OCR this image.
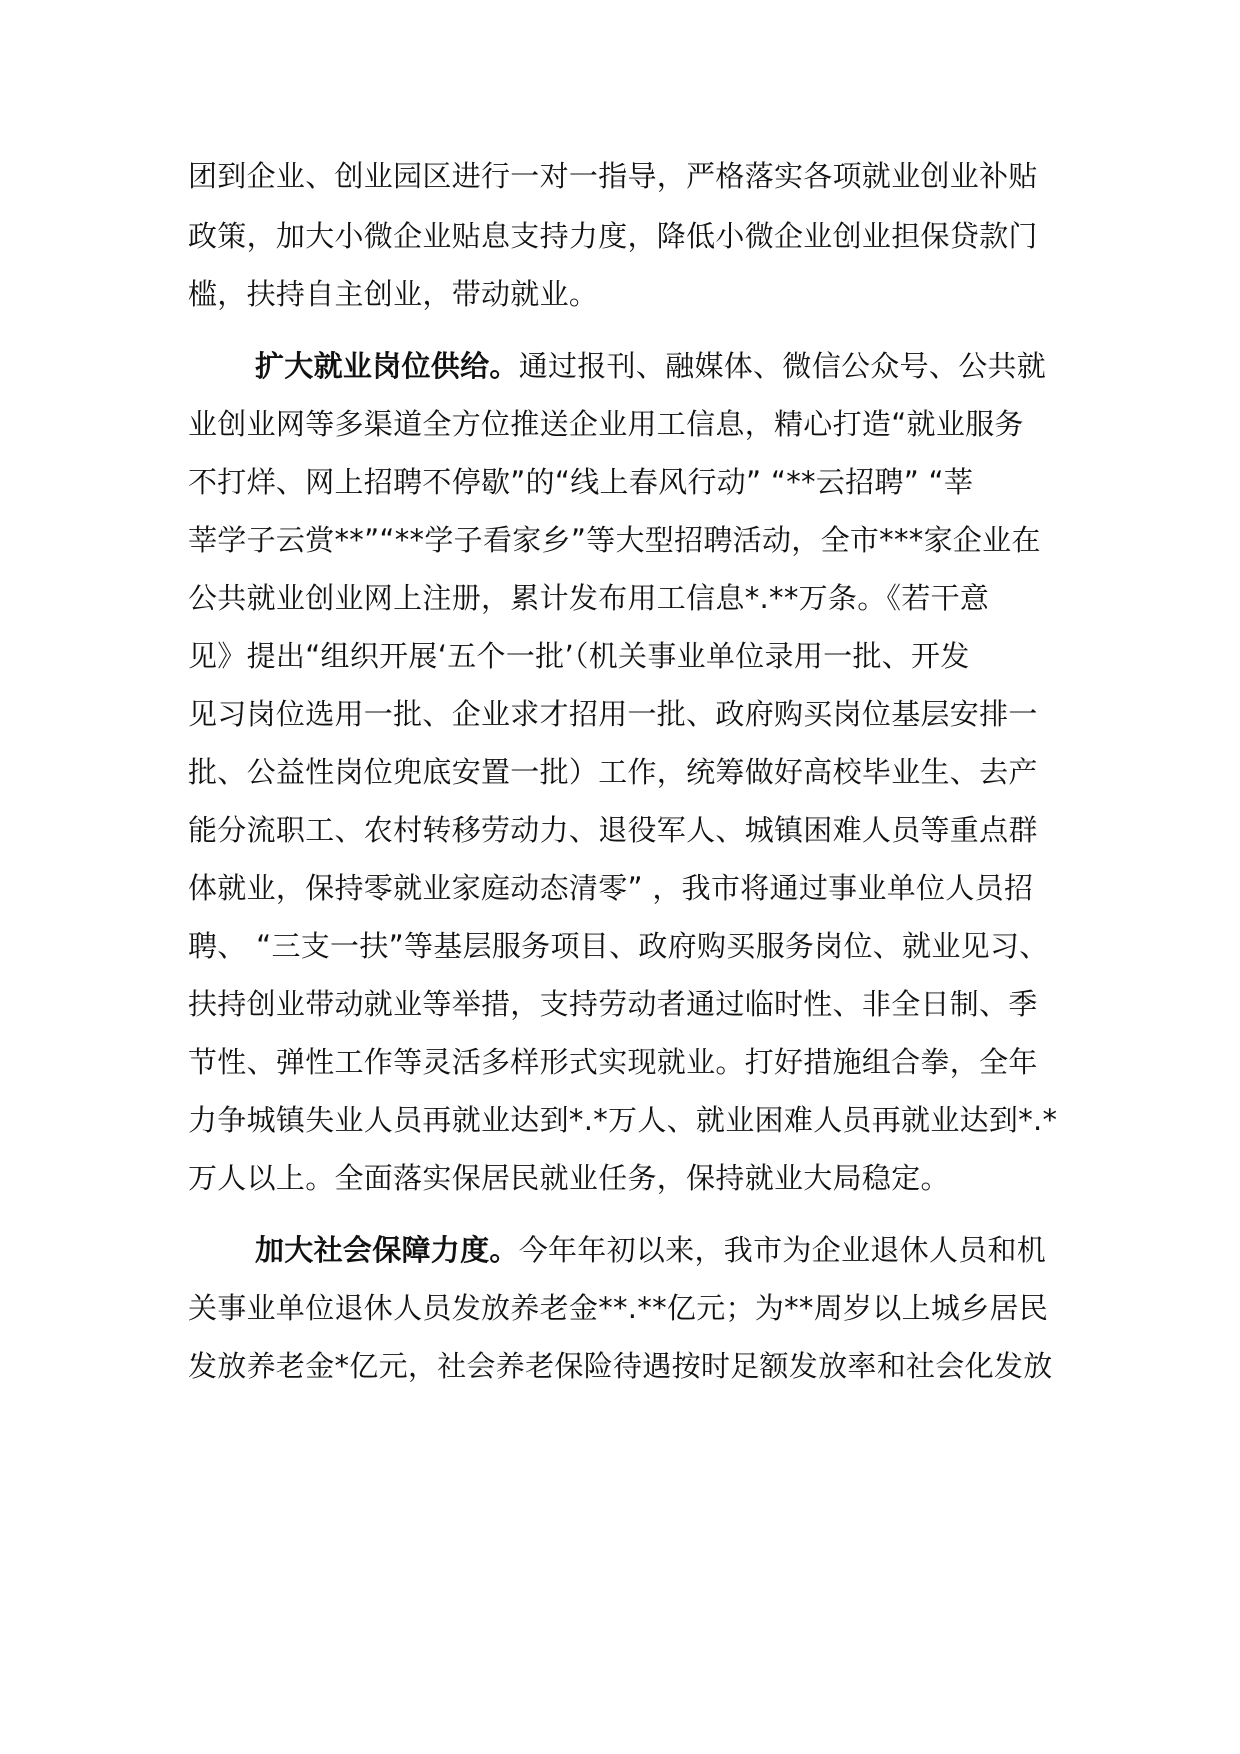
团到企业、创业园区进行一对一指导，严格落实各项就业创业补贴
政策，加大小微企业贴息支持力度，降低小微企业创业担保贷款门
槛，扶持自主创业，带动就业。
扩大就业岗位供给。通过报刊、融媒体、微信公众号、公共就
业创业网等多渠道全方位推送企业用工信息，精心打造“就业服务
不打烊、网上招聘不停歇”的“线上春风行动” “**云招聘” “莘
莘学子云赏**”“**学子看家乡”等大型招聘活动，全市***家企业在
公共就业创业网上注册，累计发布用工信息*.**万条。《若干意
见》提出“组织开展‘五个一批’（机关事业单位录用一批、开发
见习岗位选用一批、企业求才招用一批、政府购买岗位基层安排一
批、公益性岗位兜底安置一批）工作，统筹做好高校毕业生、去产
能分流职工、农村转移劳动力、退役军人、城镇困难人员等重点群
体就业，保持零就业家庭动态清零” ，我市将通过事业单位人员招
聘、 “三支一扶”等基层服务项目、政府购买服务岗位、就业见习、
扶持创业带动就业等举措，支持劳动者通过临时性、非全日制、季
节性、弹性工作等灵活多样形式实现就业。打好措施组合拳，全年
力争城镇失业人员再就业达到*.*万人、就业困难人员再就业达到*.*
万人以上。全面落实保居民就业任务，保持就业大局稳定。
加大社会保障力度。今年年初以来，我市为企业退休人员和机
关事业单位退休人员发放养老金**.**亿元；为**周岁以上城乡居民
发放养老金*亿元，社会养老保险待遇按时足额发放率和社会化发放
